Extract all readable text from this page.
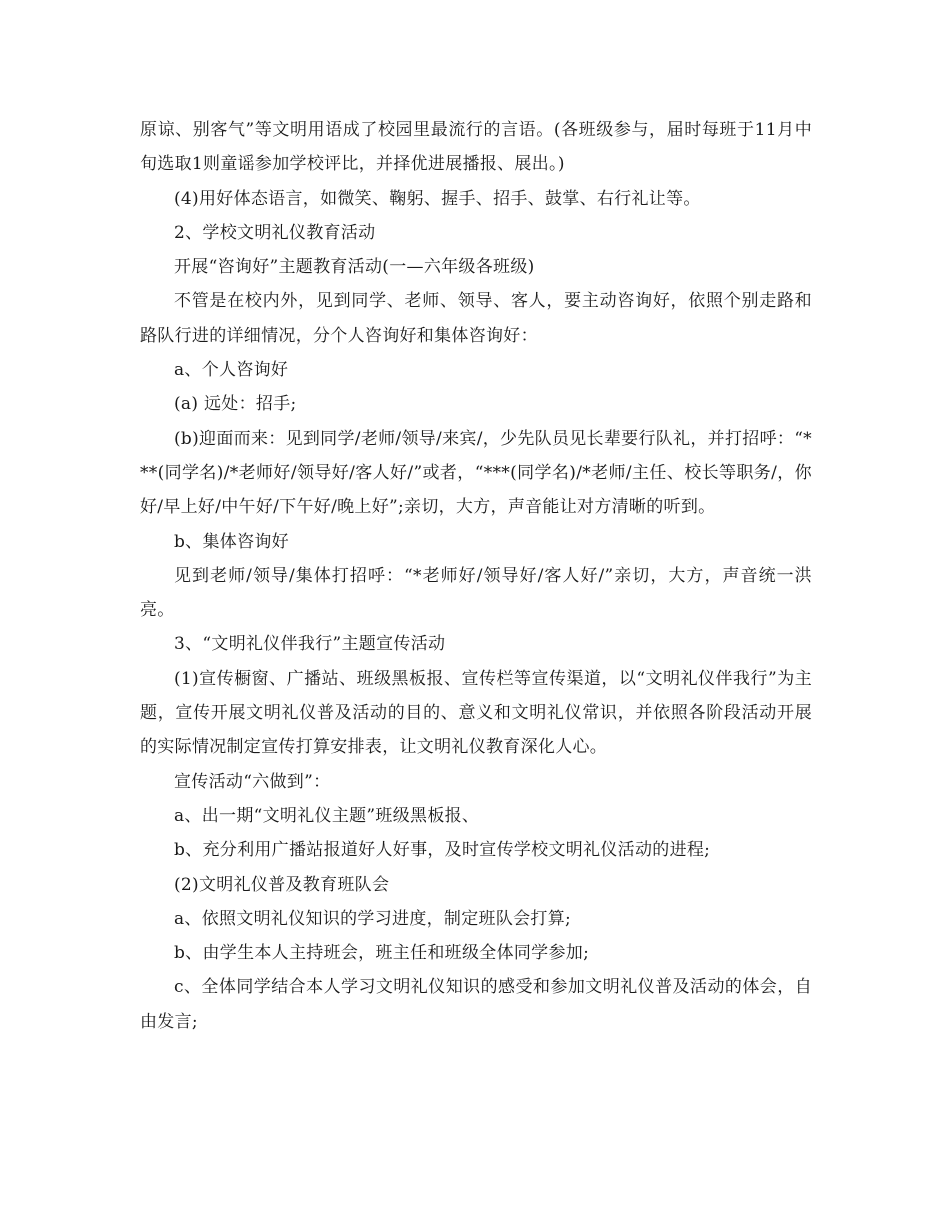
原谅、别客气”等文明用语成了校园里最流行的言语。(各班级参与，届时每班于11月中旬选取1则童谣参加学校评比，并择优进展播报、展出。)

(4)用好体态语言，如微笑、鞠躬、握手、招手、鼓掌、右行礼让等。

2、学校文明礼仪教育活动

开展“咨询好”主题教育活动(一—六年级各班级)

不管是在校内外，见到同学、老师、领导、客人，要主动咨询好，依照个别走路和路队行进的详细情况，分个人咨询好和集体咨询好：

a、个人咨询好

(a) 远处：招手;

(b)迎面而来：见到同学/老师/领导/来宾/，少先队员见长辈要行队礼，并打招呼：“***(同学名)/*老师好/领导好/客人好/”或者，“***(同学名)/*老师/主任、校长等职务/，你好/早上好/中午好/下午好/晚上好”;亲切，大方，声音能让对方清晰的听到。

b、集体咨询好

见到老师/领导/集体打招呼：“*老师好/领导好/客人好/”亲切，大方，声音统一洪亮。

3、“文明礼仪伴我行”主题宣传活动

(1)宣传橱窗、广播站、班级黑板报、宣传栏等宣传渠道，以“文明礼仪伴我行”为主题，宣传开展文明礼仪普及活动的目的、意义和文明礼仪常识，并依照各阶段活动开展的实际情况制定宣传打算安排表，让文明礼仪教育深化人心。

宣传活动“六做到”：

a、出一期“文明礼仪主题”班级黑板报、

b、充分利用广播站报道好人好事，及时宣传学校文明礼仪活动的进程;

(2)文明礼仪普及教育班队会

a、依照文明礼仪知识的学习进度，制定班队会打算;

b、由学生本人主持班会，班主任和班级全体同学参加;

c、全体同学结合本人学习文明礼仪知识的感受和参加文明礼仪普及活动的体会，自由发言;
